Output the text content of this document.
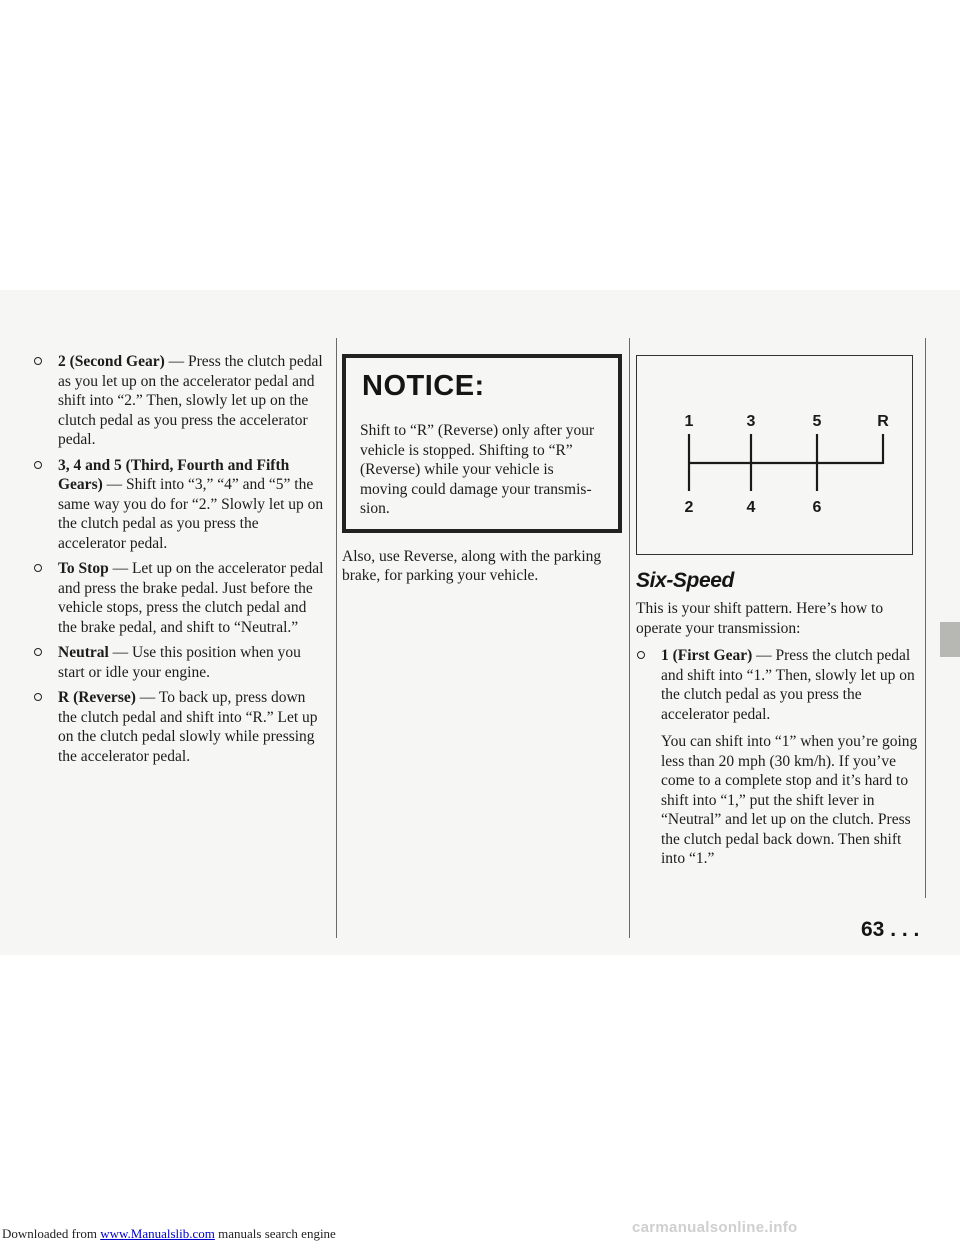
2 (Second Gear) — Press the clutch pedal as you let up on the accelerator pedal and shift into “2.” Then, slowly let up on the clutch pedal as you press the accelerator pedal.
3, 4 and 5 (Third, Fourth and Fifth Gears) — Shift into “3,” “4” and “5” the same way you do for “2.” Slowly let up on the clutch pedal as you press the accelerator pedal.
To Stop — Let up on the accelerator pedal and press the brake pedal. Just before the vehicle stops, press the clutch pedal and the brake pedal, and shift to “Neutral.”
Neutral — Use this position when you start or idle your engine.
R (Reverse) — To back up, press down the clutch pedal and shift into “R.” Let up on the clutch pedal slowly while pressing the accelerator pedal.
NOTICE:
Shift to “R” (Reverse) only after your vehicle is stopped. Shifting to “R” (Reverse) while your vehicle is moving could damage your transmission.
Also, use Reverse, along with the parking brake, for parking your vehicle.
1	3	5	R
2	4	6
Six-Speed
This is your shift pattern. Here’s how to operate your transmission:
1 (First Gear) — Press the clutch pedal and shift into “1.” Then, slowly let up on the clutch pedal as you press the accelerator pedal.
You can shift into “1” when you’re going less than 20 mph (30 km/h). If you’ve come to a complete stop and it’s hard to shift into “1,” put the shift lever in “Neutral” and let up on the clutch. Press the clutch pedal back down. Then shift into “1.”
63 . . .
Downloaded from www.Manualslib.com manuals search engine	carmanualsonline.info
